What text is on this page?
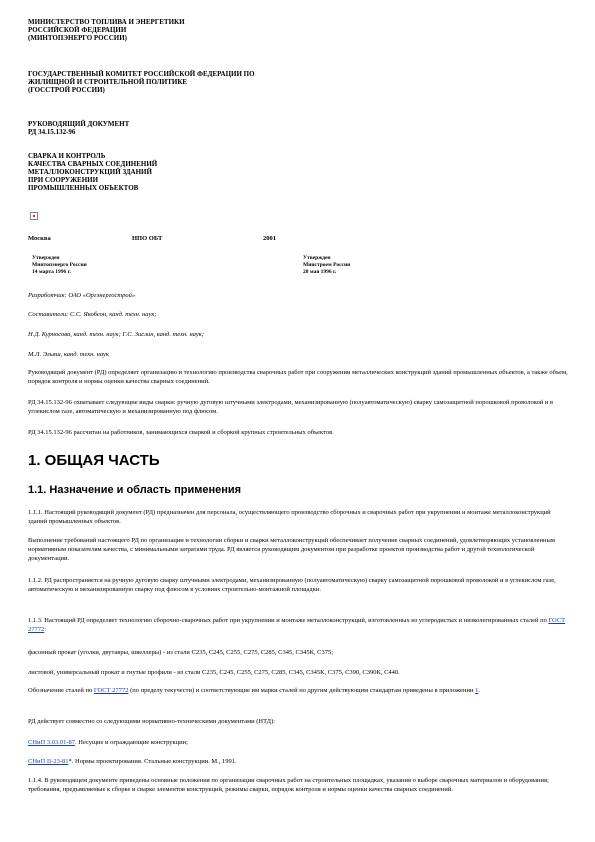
МИНИСТЕРСТВО ТОПЛИВА И ЭНЕРГЕТИКИ
РОССИЙСКОЙ ФЕДЕРАЦИИ
(МИНТОПЭНЕРГО РОССИИ)
ГОСУДАРСТВЕННЫЙ КОМИТЕТ РОССИЙСКОЙ ФЕДЕРАЦИИ ПО
ЖИЛИЩНОЙ И СТРОИТЕЛЬНОЙ ПОЛИТИКЕ
(ГОССТРОЙ РОССИИ)
РУКОВОДЯЩИЙ ДОКУМЕНТ
РД 34.15.132-96
СВАРКА И КОНТРОЛЬ
КАЧЕСТВА СВАРНЫХ СОЕДИНЕНИЙ
МЕТАЛЛОКОНСТРУКЦИЙ ЗДАНИЙ
ПРИ СООРУЖЕНИИ
ПРОМЫШЛЕННЫХ ОБЪЕКТОВ
Москва	НПО ОБТ	2001
Утвержден
Минтопэнерго России
14 марта 1996 г.
Утвержден
Минстроем России
28 мая 1996 г.
Разработчик: ОАО «Оргэнергострой»
Составители: С.С. Якобсон, канд. техн. наук;
Н.Д. Курносова, канд. техн. наук; Г.С. Зислин, канд. техн. наук;
М.Л. Эльяш, канд. техн. наук
Руководящий документ (РД) определяет организацию и технологию производства сварочных работ при сооружении металлических конструкций зданий промышленных объектов, а также объем, порядок контроля и нормы оценки качества сварных соединений.
РД 34.15.132-96 охватывает следующие виды сварки: ручную дуговую штучными электродами, механизированную (полуавтоматическую) сварку самозащитной порошковой проволокой и в углекислом газе, автоматическую и механизированную под флюсом.
РД 34.15.132-96 рассчитан на работников, занимающихся сваркой и сборкой крупных строительных объектов.
1. ОБЩАЯ ЧАСТЬ
1.1. Назначение и область применения
1.1.1. Настоящий руководящий документ (РД) предназначен для персонала, осуществляющего производство сборочных и сварочных работ при укрупнении и монтаже металлоконструкций зданий промышленных объектов.
Выполнение требований настоящего РД по организации и технологии сборки и сварки металлоконструкций обеспечивает получение сварных соединений, удовлетворяющих установленным нормативным показателям качества, с минимальными затратами труда. РД является руководящим документом при разработке проектов производства работ и другой технологической документации.
1.1.2. РД распространяется на ручную дуговую сварку штучными электродами, механизированную (полуавтоматическую) сварку самозащитной порошковой проволокой и в углекислом газе, автоматическую и механизированную сварку под флюсом в условиях строительно-монтажной площадки.
1.1.3. Настоящий РД определяет технологию сборочно-сварочных работ при укрупнении и монтаже металлоконструкций, изготовленных из углеродистых и низколегированных сталей по ГОСТ 27772:
фасонный прокат (уголки, двутавры, швеллеры) - из стали С235, С245, С255, С275, С285, С345, С345К, С375;
листовой, универсальный прокат и гнутые профили - из стали С235, С245, С255, С275, С285, С345, С345К, С375, С390, С390К, С440.
Обозначение сталей по ГОСТ 27772 (по пределу текучести) и соответствующие им марки сталей по другим действующим стандартам приведены в приложении 1.
РД действует совместно со следующими нормативно-техническими документами (НТД):
СНиП 3.03.01-87. Несущие и ограждающие конструкции;
СНиП II-23-81*. Нормы проектирования. Стальные конструкции. М., 1991.
1.1.4. В руководящем документе приведены основные положения по организации сварочных работ на строительных площадках, указания о выборе сварочных материалов и оборудования; требования, предъявляемые к сборке и сварке элементов конструкций, режимы сварки, порядок контроля и нормы оценки качества сварных соединений.
